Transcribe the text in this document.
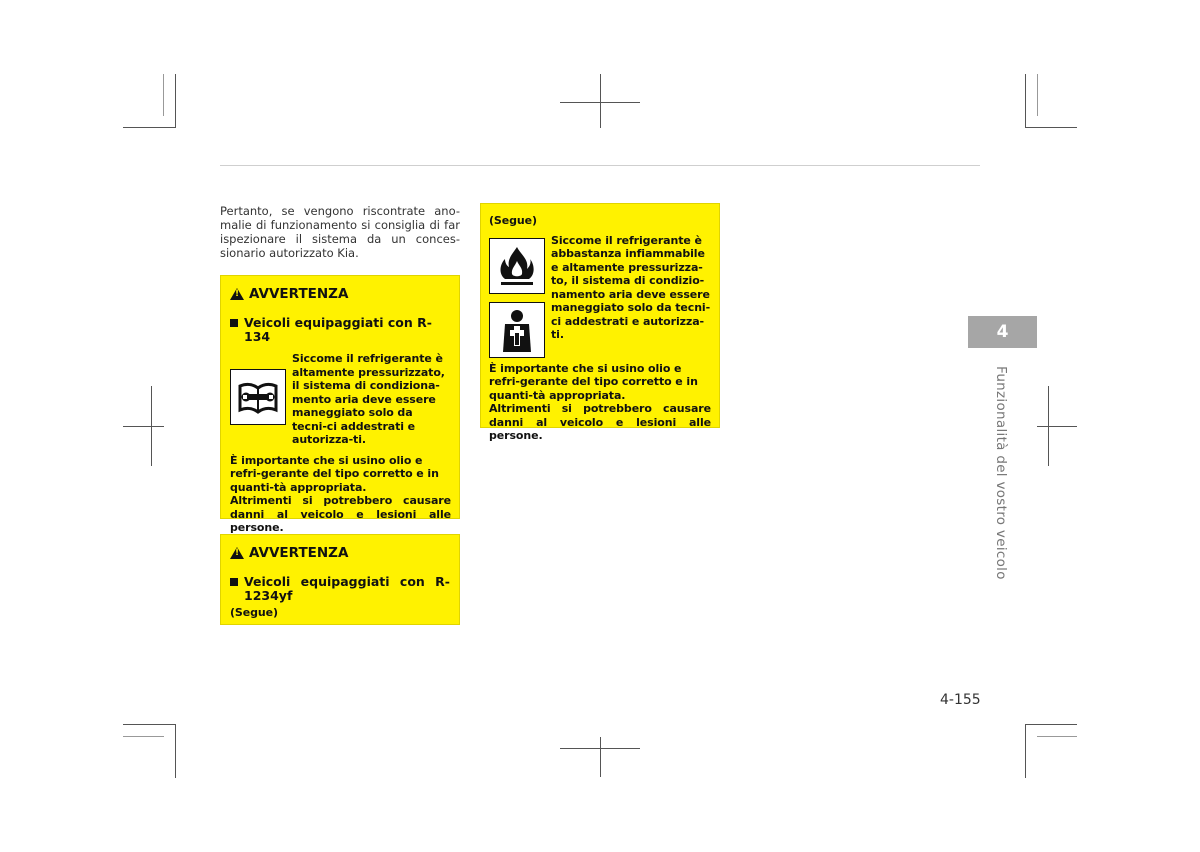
Pertanto, se vengono riscontrate ano-malie di funzionamento si consiglia di far ispezionare il sistema da un conces-sionario autorizzato Kia.

!
AVVERTENZA
Veicoli equipaggiati con R-134
Siccome il refrigerante è altamente pressurizzato, il sistema di condiziona-mento aria deve essere maneggiato solo da tecni-ci addestrati e autorizza-ti.
È importante che si usino olio e refri-gerante del tipo corretto e in quanti-tà appropriata.
Altrimenti si potrebbero causare danni al veicolo e lesioni alle persone.
!
AVVERTENZA
Veicoli equipaggiati con R-1234yf
(Segue)
(Segue)
Siccome il refrigerante è abbastanza infiammabile e altamente pressurizza-to, il sistema di condizio-namento aria deve essere maneggiato solo da tecni-ci addestrati e autorizza-ti.
È importante che si usino olio e refri-gerante del tipo corretto e in quanti-tà appropriata.
Altrimenti si potrebbero causare danni al veicolo e lesioni alle persone.
4
Funzionalità del vostro veicolo
4-155
